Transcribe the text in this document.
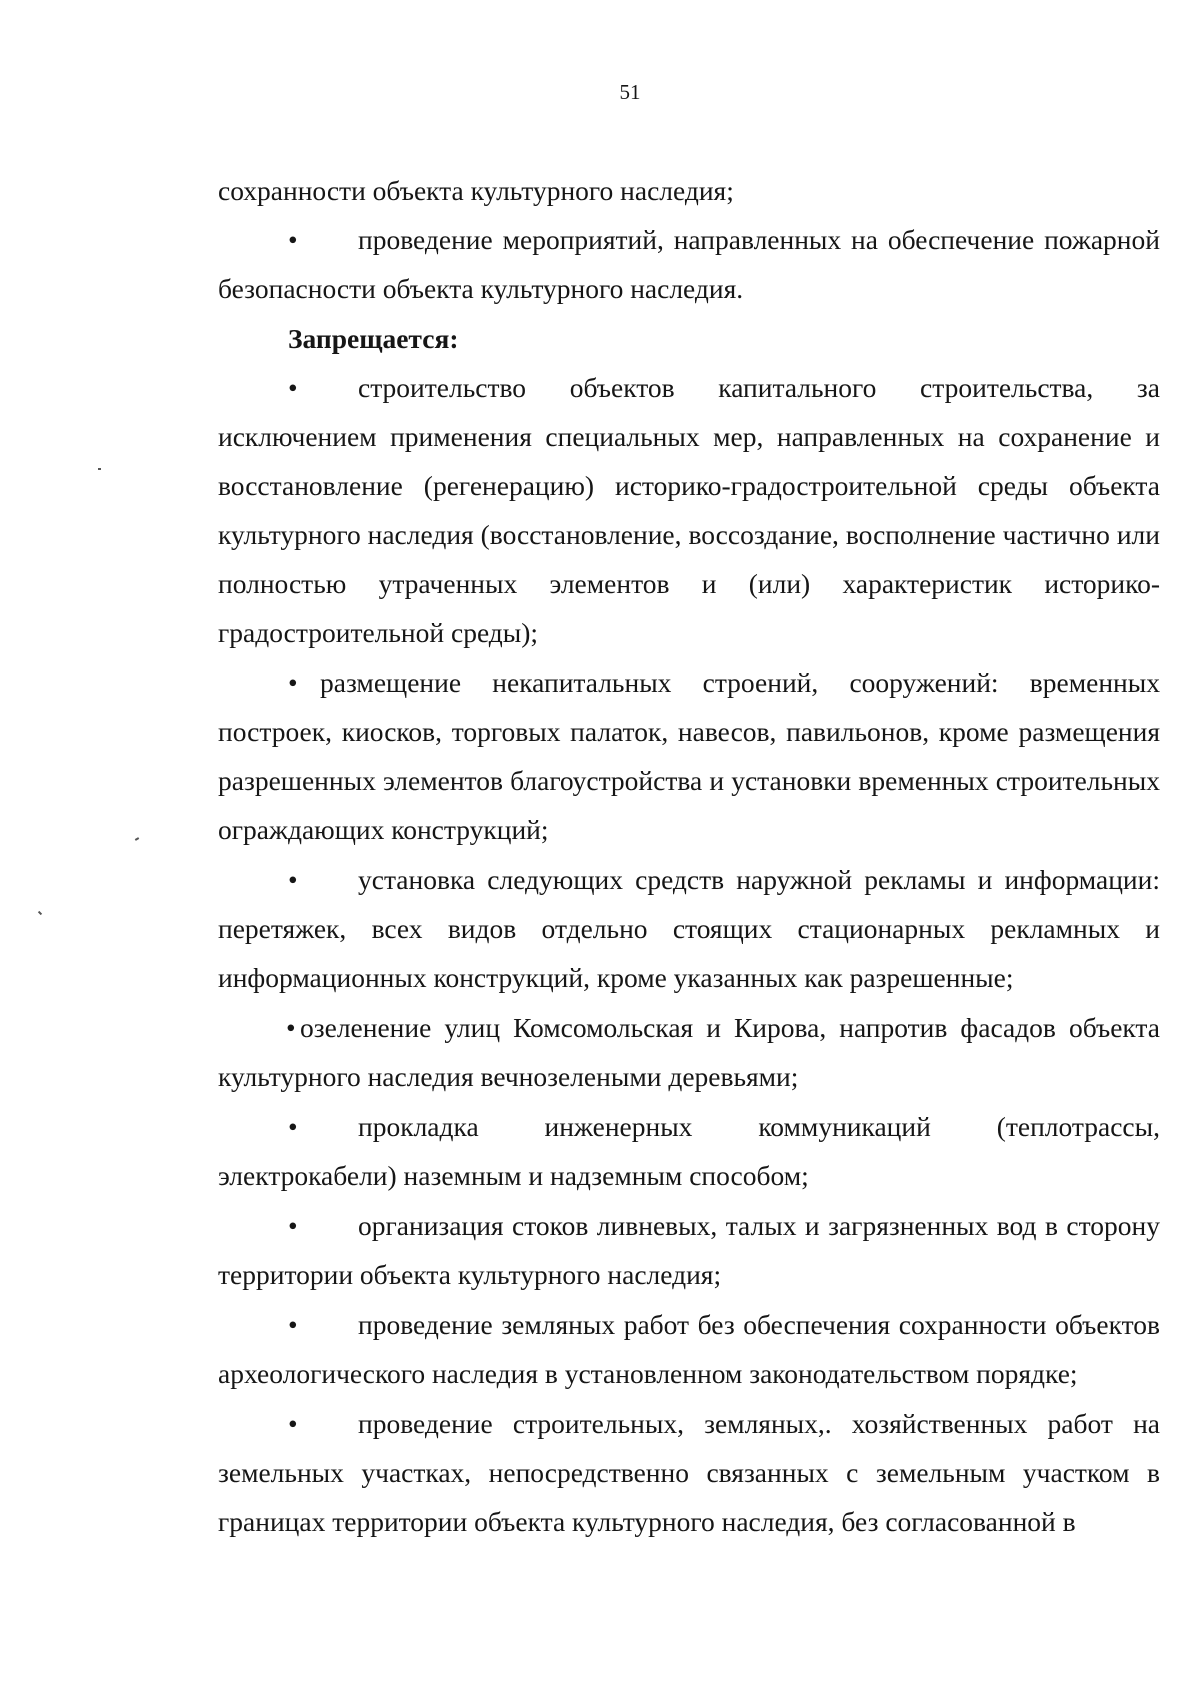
51

сохранности объекта культурного наследия;

• проведение мероприятий, направленных на обеспечение пожарной безопасности объекта культурного наследия.

Запрещается:

• строительство объектов капитального строительства, за исключением применения специальных мер, направленных на сохранение и восстановление (регенерацию) историко-градостроительной среды объекта культурного наследия (восстановление, воссоздание, восполнение частично или полностью утраченных элементов и (или) характеристик историко-градостроительной среды);

• размещение некапитальных строений, сооружений: временных построек, киосков, торговых палаток, навесов, павильонов, кроме размещения разрешенных элементов благоустройства и установки временных строительных ограждающих конструкций;

• установка следующих средств наружной рекламы и информации: перетяжек, всех видов отдельно стоящих стационарных рекламных и информационных конструкций, кроме указанных как разрешенные;

• озеленение улиц Комсомольская и Кирова, напротив фасадов объекта культурного наследия вечнозелеными деревьями;

• прокладка инженерных коммуникаций (теплотрассы, электрокабели) наземным и надземным способом;

• организация стоков ливневых, талых и загрязненных вод в сторону территории объекта культурного наследия;

• проведение земляных работ без обеспечения сохранности объектов археологического наследия в установленном законодательством порядке;

• проведение строительных, земляных,. хозяйственных работ на земельных участках, непосредственно связанных с земельным участком в границах территории объекта культурного наследия, без согласованной в
